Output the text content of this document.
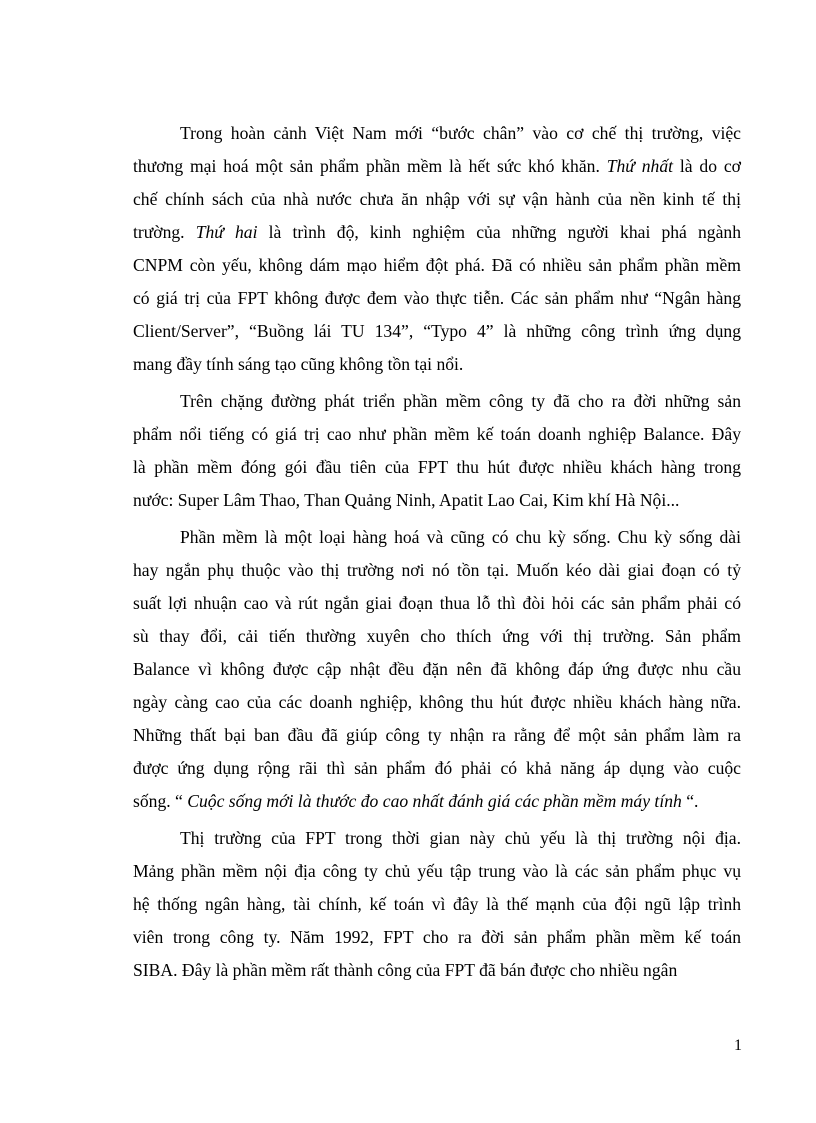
Trong hoàn cảnh Việt Nam mới “bước chân” vào cơ chế thị trường, việc
thương mại hoá một sản phẩm phần mềm là hết sức khó khăn. Thứ nhất là do cơ
chế chính sách của nhà nước chưa ăn nhập với sự vận hành của nền kinh tế thị
trường. Thứ hai là trình độ, kinh nghiệm của những người khai phá ngành
CNPM còn yếu, không dám mạo hiểm đột phá. Đã có nhiều sản phẩm phần mềm
có giá trị của FPT không được đem vào thực tiễn. Các sản phẩm như “Ngân hàng
Client/Server”, “Buồng lái TU 134”, “Typo 4” là những công trình ứng dụng
mang đầy tính sáng tạo cũng không tồn tại nổi.
Trên chặng đường phát triển phần mềm công ty đã cho ra đời những sản
phẩm nổi tiếng có giá trị cao như phần mềm kế toán doanh nghiệp Balance. Đây
là phần mềm đóng gói đầu tiên của FPT thu hút được nhiều khách hàng trong
nước: Super Lâm Thao, Than Quảng Ninh, Apatit Lao Cai, Kim khí Hà Nội...
Phần mềm là một loại hàng hoá và cũng có chu kỳ sống. Chu kỳ sống dài
hay ngắn phụ thuộc vào thị trường nơi nó tồn tại. Muốn kéo dài giai đoạn có tỷ
suất lợi nhuận cao và rút ngắn giai đoạn thua lỗ thì đòi hỏi các sản phẩm phải có
sù thay đổi, cải tiến thường xuyên cho thích ứng với thị trường. Sản phẩm
Balance vì không được cập nhật đều đặn nên đã không đáp ứng được nhu cầu
ngày càng cao của các doanh nghiệp, không thu hút được nhiều khách hàng nữa.
Những thất bại ban đầu đã giúp công ty nhận ra rằng để một sản phẩm làm ra
được ứng dụng rộng rãi thì sản phẩm đó phải có khả năng áp dụng vào cuộc
sống. “ Cuộc sống mới là thước đo cao nhất đánh giá các phần mềm máy tính “.
Thị trường của FPT trong thời gian này chủ yếu là thị trường nội địa.
Mảng phần mềm nội địa công ty chủ yếu tập trung vào là các sản phẩm phục vụ
hệ thống ngân hàng, tài chính, kế toán vì đây là thế mạnh của đội ngũ lập trình
viên trong công ty. Năm 1992, FPT cho ra đời sản phẩm phần mềm kế toán
SIBA. Đây là phần mềm rất thành công của FPT đã bán được cho nhiều ngân
1
